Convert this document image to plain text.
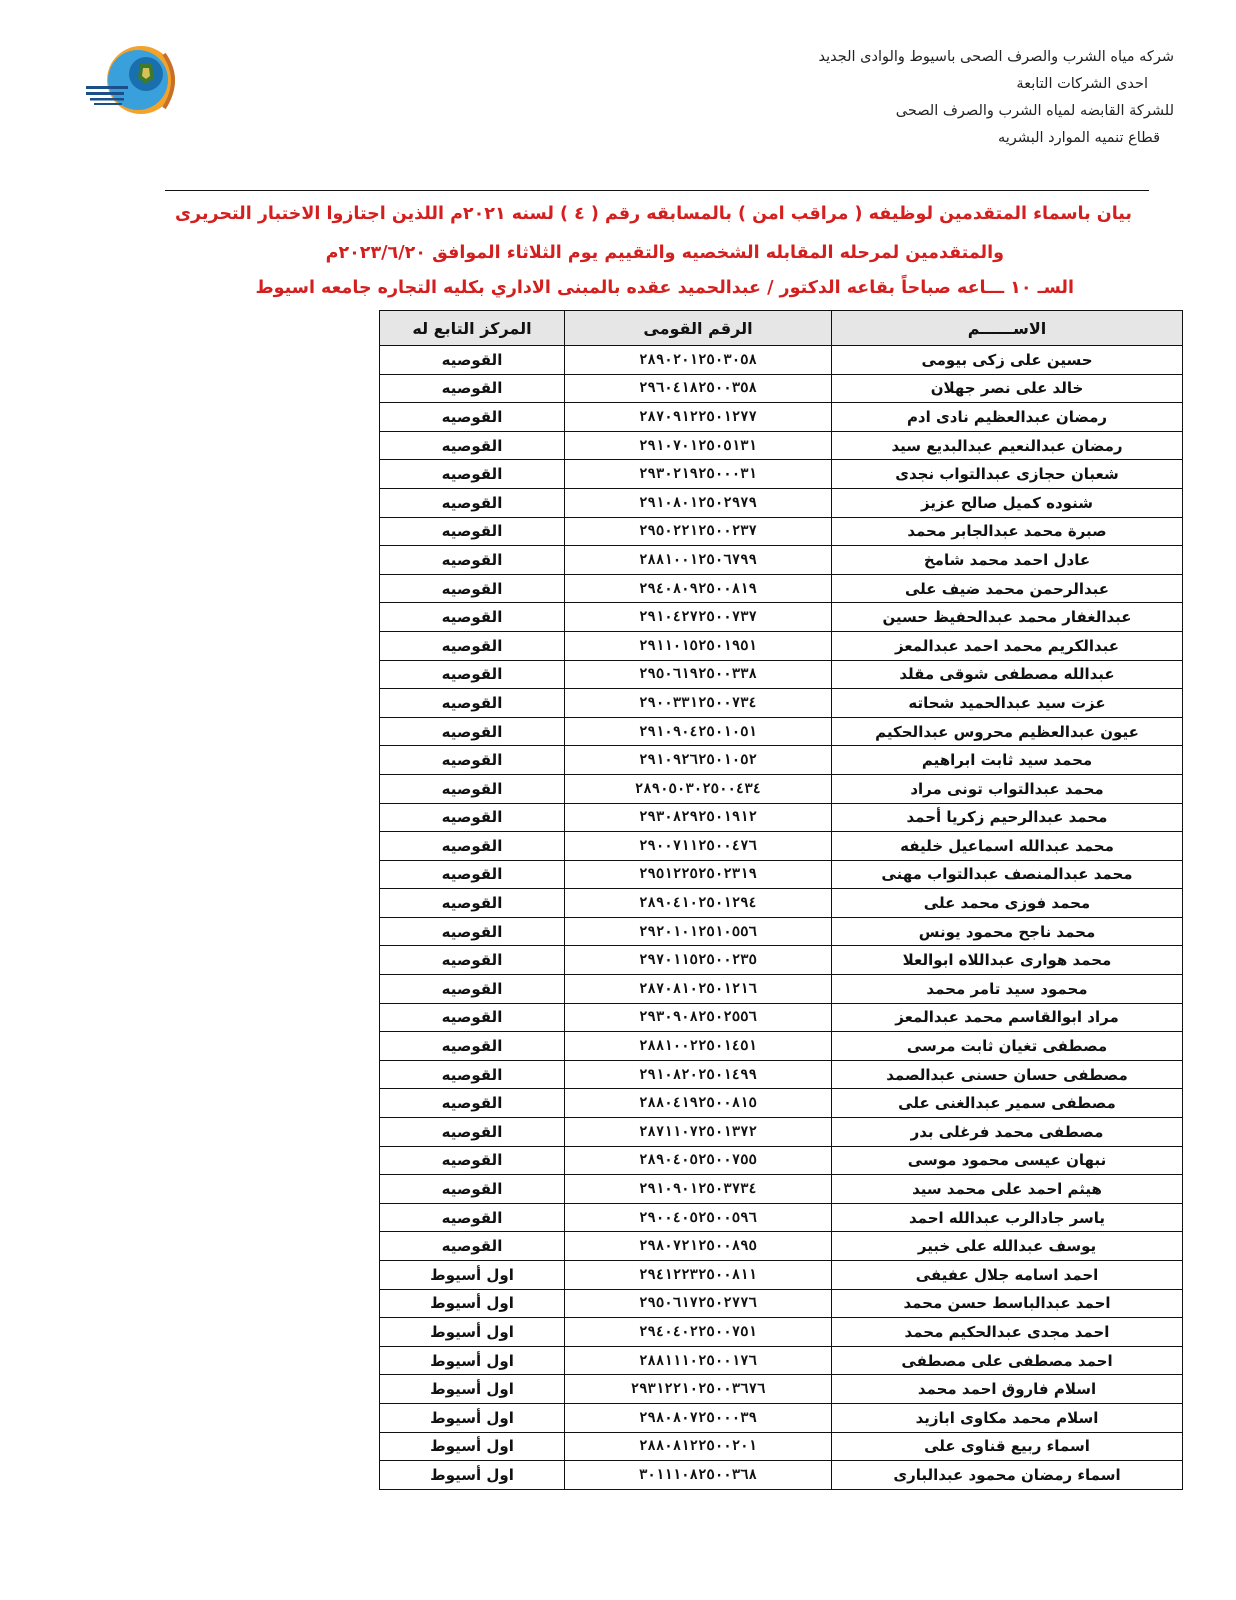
شركه مياه الشرب والصرف الصحى باسيوط والوادى الجديد
احدى الشركات التابعة
للشركة القابضه لمياه الشرب والصرف الصحى
قطاع تنميه الموارد البشريه
بيان باسماء المتقدمين لوظيفه ( مراقب امن ) بالمسابقه رقم ( ٤ ) لسنه ٢٠٢١م اللذين اجتازوا الاختبار التحريرى
والمتقدمين لمرحله المقابله الشخصيه والتقييم يوم الثلاثاء الموافق ٢٠٢٣/٦/٢٠م
السـ ١٠ ـــاعه صباحاً بقاعه الدكتور / عبدالحميد عقده بالمبنى الاداري بكليه التجاره جامعه اسيوط
الاســــــم	الرقم القومى	المركز التابع له
حسين على زكى بيومى	٢٨٩٠٢٠١٢٥٠٣٠٥٨	القوصيه
خالد على نصر جهلان	٢٩٦٠٤١٨٢٥٠٠٣٥٨	القوصيه
رمضان عبدالعظيم نادى ادم	٢٨٧٠٩١٢٢٥٠١٢٧٧	القوصيه
رمضان عبدالنعيم عبدالبديع سيد	٢٩١٠٧٠١٢٥٠٥١٣١	القوصيه
شعبان حجازى عبدالتواب نجدى	٢٩٣٠٢١٩٢٥٠٠٠٣١	القوصيه
شنوده كميل صالح عزيز	٢٩١٠٨٠١٢٥٠٢٩٧٩	القوصيه
صبرة محمد عبدالجابر محمد	٢٩٥٠٢٢١٢٥٠٠٢٣٧	القوصيه
عادل احمد محمد شامخ	٢٨٨١٠٠١٢٥٠٦٧٩٩	القوصيه
عبدالرحمن محمد ضيف على	٢٩٤٠٨٠٩٢٥٠٠٨١٩	القوصيه
عبدالغفار محمد عبدالحفيظ حسين	٢٩١٠٤٢٧٢٥٠٠٧٣٧	القوصيه
عبدالكريم محمد احمد عبدالمعز	٢٩١١٠١٥٢٥٠١٩٥١	القوصيه
عبدالله مصطفى شوقى مقلد	٢٩٥٠٦١٩٢٥٠٠٣٣٨	القوصيه
عزت سيد عبدالحميد شحاته	٢٩٠٠٣٣١٢٥٠٠٧٣٤	القوصيه
عيون عبدالعظيم محروس عبدالحكيم	٢٩١٠٩٠٤٢٥٠١٠٥١	القوصيه
محمد سيد ثابت ابراهيم	٢٩١٠٩٢٦٢٥٠١٠٥٢	القوصيه
محمد عبدالتواب تونى مراد	٢٨٩٠٥٠٣٠٢٥٠٠٤٣٤	القوصيه
محمد عبدالرحيم زكريا أحمد	٢٩٣٠٨٢٩٢٥٠١٩١٢	القوصيه
محمد عبدالله اسماعيل خليفه	٢٩٠٠٧١١٢٥٠٠٤٧٦	القوصيه
محمد عبدالمنصف عبدالتواب مهنى	٢٩٥١٢٢٥٢٥٠٢٣١٩	القوصيه
محمد فوزى محمد على	٢٨٩٠٤١٠٢٥٠١٢٩٤	القوصيه
محمد ناجح محمود يونس	٢٩٢٠١٠١٢٥١٠٥٥٦	القوصيه
محمد هوارى عبداللاه ابوالعلا	٢٩٧٠١١٥٢٥٠٠٢٣٥	القوصيه
محمود سيد تامر محمد	٢٨٧٠٨١٠٢٥٠١٢١٦	القوصيه
مراد ابوالقاسم محمد عبدالمعز	٢٩٣٠٩٠٨٢٥٠٢٥٥٦	القوصيه
مصطفى تغيان ثابت مرسى	٢٨٨١٠٠٢٢٥٠١٤٥١	القوصيه
مصطفى حسان حسنى عبدالصمد	٢٩١٠٨٢٠٢٥٠١٤٩٩	القوصيه
مصطفى سمير عبدالغنى على	٢٨٨٠٤١٩٢٥٠٠٨١٥	القوصيه
مصطفى محمد فرغلى بدر	٢٨٧١١٠٧٢٥٠١٣٧٢	القوصيه
نبهان عيسى محمود موسى	٢٨٩٠٤٠٥٢٥٠٠٧٥٥	القوصيه
هيثم احمد على محمد سيد	٢٩١٠٩٠١٢٥٠٣٧٣٤	القوصيه
ياسر جادالرب عبدالله احمد	٢٩٠٠٤٠٥٢٥٠٠٥٩٦	القوصيه
يوسف عبدالله على خبير	٢٩٨٠٧٢١٢٥٠٠٨٩٥	القوصيه
احمد اسامه جلال عفيفى	٢٩٤١٢٢٣٢٥٠٠٨١١	اول أسيوط
احمد عبدالباسط حسن محمد	٢٩٥٠٦١٧٢٥٠٢٧٧٦	اول أسيوط
احمد مجدى عبدالحكيم محمد	٢٩٤٠٤٠٢٢٥٠٠٧٥١	اول أسيوط
احمد مصطفى على مصطفى	٢٨٨١١١٠٢٥٠٠١٧٦	اول أسيوط
اسلام فاروق احمد محمد	٢٩٣١٢٢١٠٢٥٠٠٣٦٧٦	اول أسيوط
اسلام محمد مكاوى ابازيد	٢٩٨٠٨٠٧٢٥٠٠٠٣٩	اول أسيوط
اسماء ربيع قناوى على	٢٨٨٠٨١٢٢٥٠٠٢٠١	اول أسيوط
اسماء رمضان محمود عبدالبارى	٣٠١١١٠٨٢٥٠٠٣٦٨	اول أسيوط
